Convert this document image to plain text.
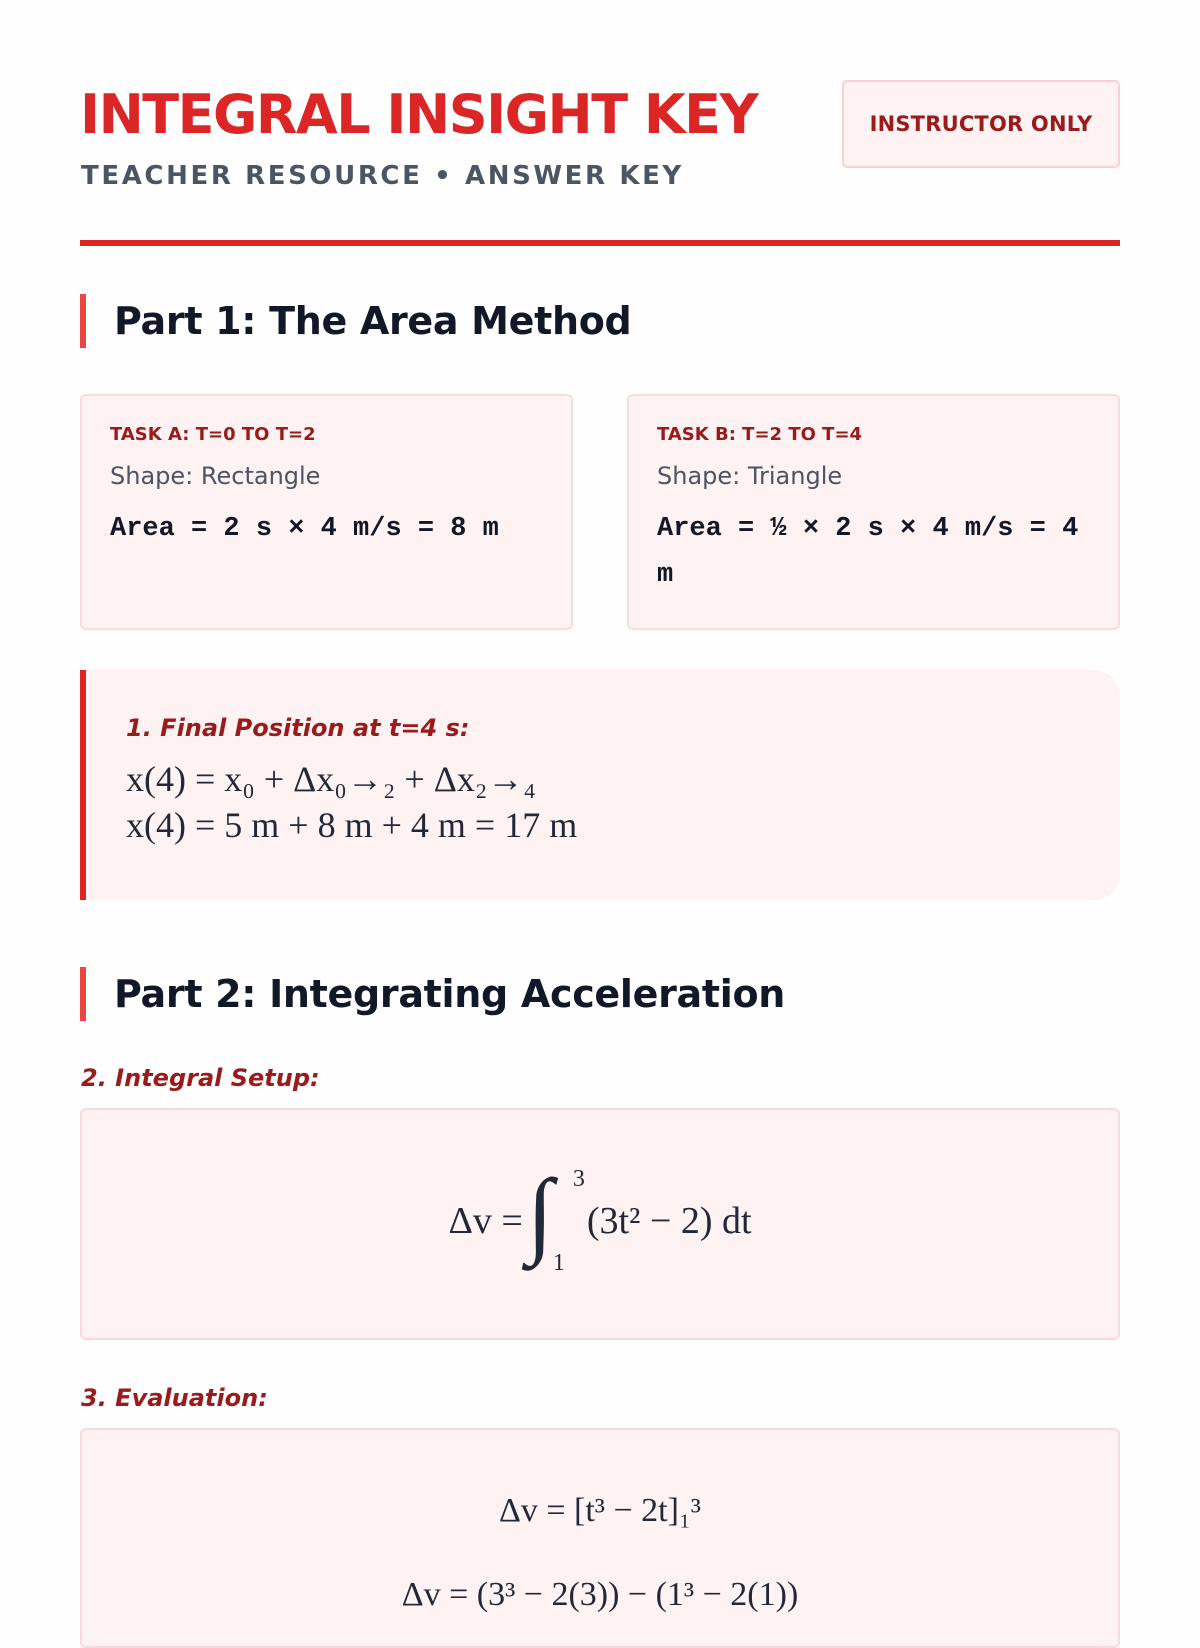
INTEGRAL INSIGHT KEY
TEACHER RESOURCE • ANSWER KEY
INSTRUCTOR ONLY
Part 1: The Area Method
TASK A: T=0 TO T=2
Shape: Rectangle
Area = 2 s × 4 m/s = 8 m
TASK B: T=2 TO T=4
Shape: Triangle
Area = ½ × 2 s × 4 m/s = 4 m
1. Final Position at t=4 s:
x(4) = x₀ + Δx₀→₂ + Δx₂→₄
x(4) = 5 m + 8 m + 4 m = 17 m
Part 2: Integrating Acceleration
2. Integral Setup:
Δv = ∫ 3
1
(3t² − 2) dt
3. Evaluation:
Δv = [t³ − 2t]₁³
Δv = (3³ − 2(3)) − (1³ − 2(1))
